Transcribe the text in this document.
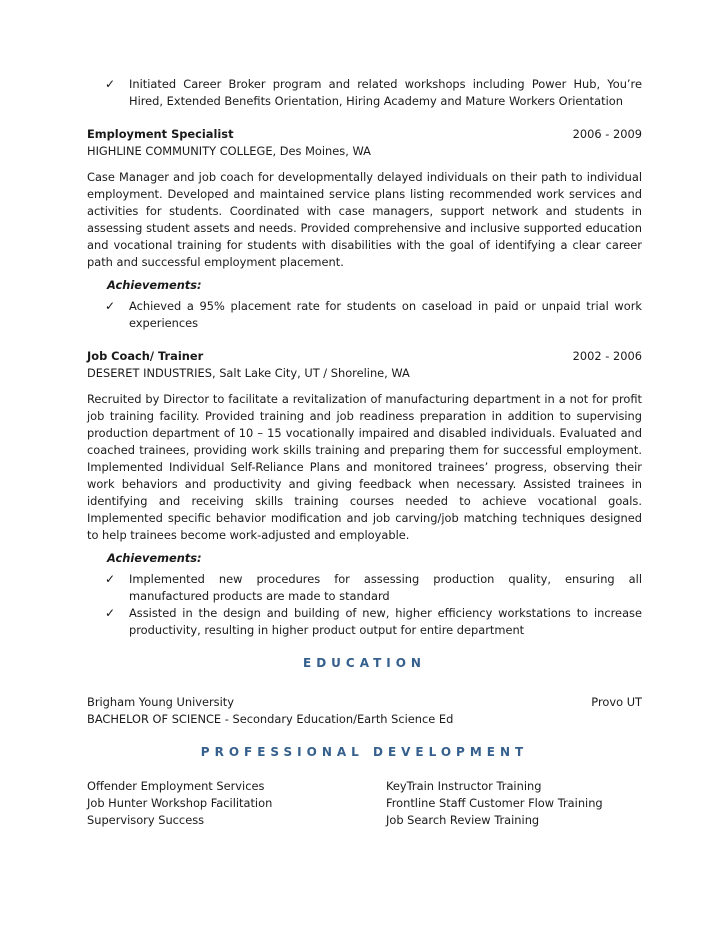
✓ Initiated Career Broker program and related workshops including Power Hub, You’re Hired, Extended Benefits Orientation, Hiring Academy and Mature Workers Orientation
Employment Specialist	2006 - 2009
HIGHLINE COMMUNITY COLLEGE, Des Moines, WA

Case Manager and job coach for developmentally delayed individuals on their path to individual employment. Developed and maintained service plans listing recommended work services and activities for students. Coordinated with case managers, support network and students in assessing student assets and needs. Provided comprehensive and inclusive supported education and vocational training for students with disabilities with the goal of identifying a clear career path and successful employment placement.

Achievements:
✓ Achieved a 95% placement rate for students on caseload in paid or unpaid trial work experiences
Job Coach/ Trainer	2002 - 2006
DESERET INDUSTRIES, Salt Lake City, UT / Shoreline, WA

Recruited by Director to facilitate a revitalization of manufacturing department in a not for profit job training facility. Provided training and job readiness preparation in addition to supervising production department of 10 – 15 vocationally impaired and disabled individuals. Evaluated and coached trainees, providing work skills training and preparing them for successful employment. Implemented Individual Self-Reliance Plans and monitored trainees’ progress, observing their work behaviors and productivity and giving feedback when necessary. Assisted trainees in identifying and receiving skills training courses needed to achieve vocational goals. Implemented specific behavior modification and job carving/job matching techniques designed to help trainees become work-adjusted and employable.

Achievements:
✓ Implemented new procedures for assessing production quality, ensuring all manufactured products are made to standard
✓ Assisted in the design and building of new, higher efficiency workstations to increase productivity, resulting in higher product output for entire department
EDUCATION
Brigham Young University	Provo UT
BACHELOR OF SCIENCE - Secondary Education/Earth Science Ed
PROFESSIONAL DEVELOPMENT
Offender Employment Services	KeyTrain Instructor Training
Job Hunter Workshop Facilitation	Frontline Staff Customer Flow Training
Supervisory Success	Job Search Review Training
